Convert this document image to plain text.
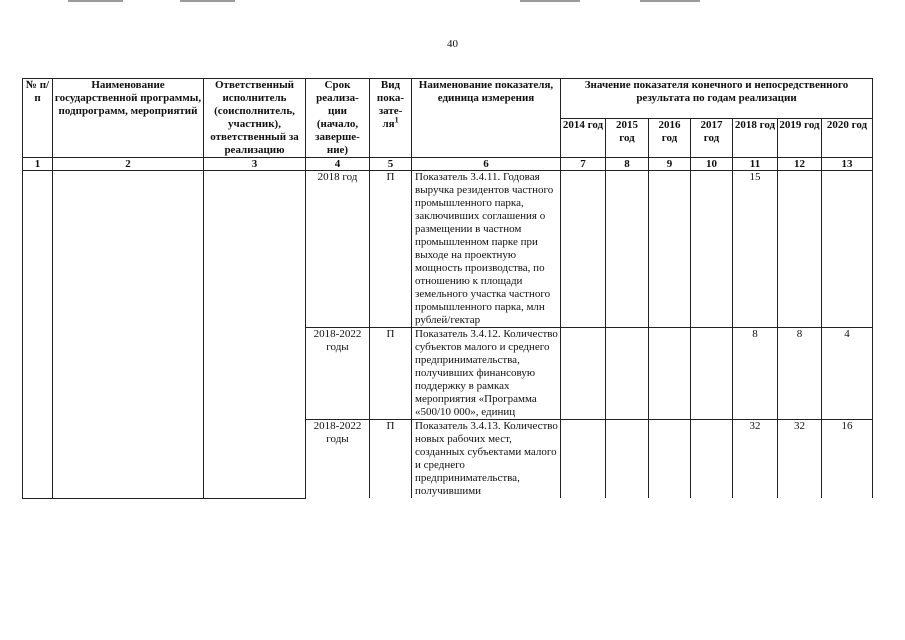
40
№ п/п	Наименование государственной программы, подпрограмм, мероприятий	Ответственный исполнитель (соисполнитель, участник), ответственный за реализацию	Срок реализа-ции (начало, заверше-ние)	Вид пока-$зате-ля^1$	Наименование показателя, единица измерения	Значение показателя конечного и непосредственного результата по годам реализации						
						2014 год	2015 год	2016 год	2017 год	2018 год	2019 год	2020 год
1	2	3	4	5	6	7	8	9	10	11	12	13
			2018 год	П	Показатель 3.4.11. Годовая выручка резидентов частного промышленного парка, заключивших соглашения о размещении в частном промышленном парке при выходе на проектную мощность производства, по отношению к площади земельного участка частного промышленного парка, млн рублей/гектар					15		
			2018-2022 годы	П	Показатель 3.4.12. Количество субъектов малого и среднего предпринимательства, получивших финансовую поддержку в рамках мероприятия «Программа «500/10 000», единиц					8	8	4
			2018-2022 годы	П	Показатель 3.4.13. Количество новых рабочих мест, созданных субъектами малого и среднего предпринимательства, получившими					32	32	16
